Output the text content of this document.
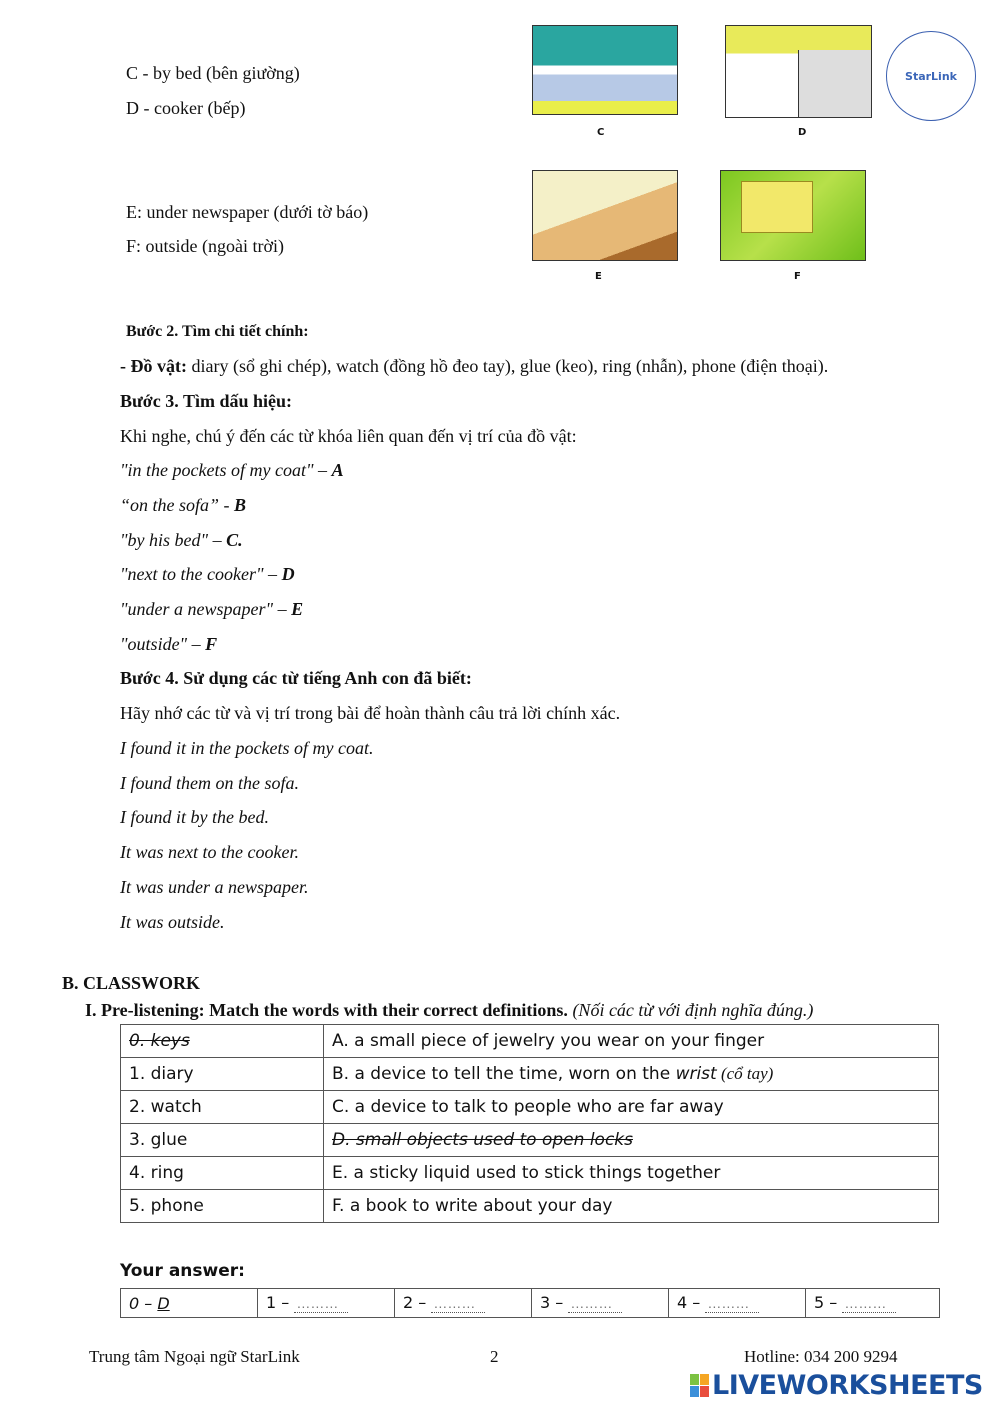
C - by bed (bên giường)
D - cooker (bếp)
E: under newspaper (dưới tờ báo)
F: outside (ngoài trời)
C	D
StarLink
E	F
Bước 2. Tìm chi tiết chính:
- Đồ vật: diary (sổ ghi chép), watch (đồng hồ đeo tay), glue (keo), ring (nhẫn), phone (điện thoại).
Bước 3. Tìm dấu hiệu:
Khi nghe, chú ý đến các từ khóa liên quan đến vị trí của đồ vật:
"in the pockets of my coat" – A
“on the sofa” - B
"by his bed" – C.
"next to the cooker" – D
"under a newspaper" – E
"outside" – F
Bước 4. Sử dụng các từ tiếng Anh con đã biết:
Hãy nhớ các từ và vị trí trong bài để hoàn thành câu trả lời chính xác.
I found it in the pockets of my coat.
I found them on the sofa.
I found it by the bed.
It was next to the cooker.
It was under a newspaper.
It was outside.
B. CLASSWORK
I. Pre-listening: Match the words with their correct definitions. (Nối các từ với định nghĩa đúng.)
0. keys	A. a small piece of jewelry you wear on your finger
1. diary	B. a device to tell the time, worn on the wrist (cổ tay)
2. watch	C. a device to talk to people who are far away
3. glue	D. small objects used to open locks
4. ring	E. a sticky liquid used to stick things together
5. phone	F. a book to write about your day
Your answer:
0 – D	1 – ………	2 – ………	3 – ………	4 – ………	5 – ………
Trung tâm Ngoại ngữ StarLink	2	Hotline: 034 200 9294
LIVEWORKSHEETS
